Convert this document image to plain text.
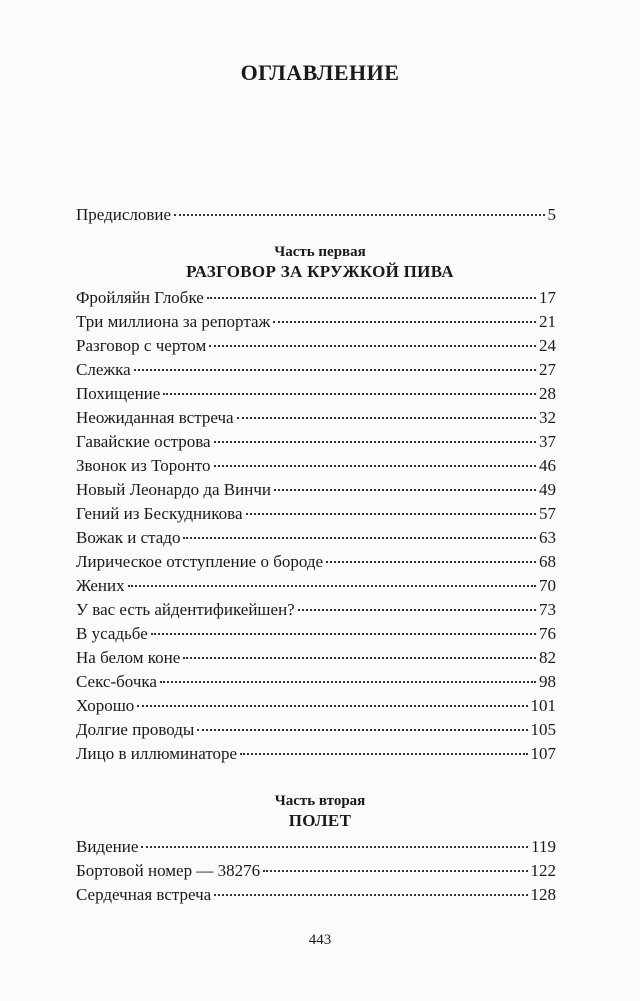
ОГЛАВЛЕНИЕ
Предисловие	5
Часть первая
РАЗГОВОР ЗА КРУЖКОЙ ПИВА
Фройляйн Глобке	17
Три миллиона за репортаж	21
Разговор с чертом	24
Слежка	27
Похищение	28
Неожиданная встреча	32
Гавайские острова	37
Звонок из Торонто	46
Новый Леонардо да Винчи	49
Гений из Бескудникова	57
Вожак и стадо	63
Лирическое отступление о бороде	68
Жених	70
У вас есть айдентификейшен?	73
В усадьбе	76
На белом коне	82
Секс-бочка	98
Хорошо	101
Долгие проводы	105
Лицо в иллюминаторе	107
Часть вторая
ПОЛЕТ
Видение	119
Бортовой номер — 38276	122
Сердечная встреча	128
443
